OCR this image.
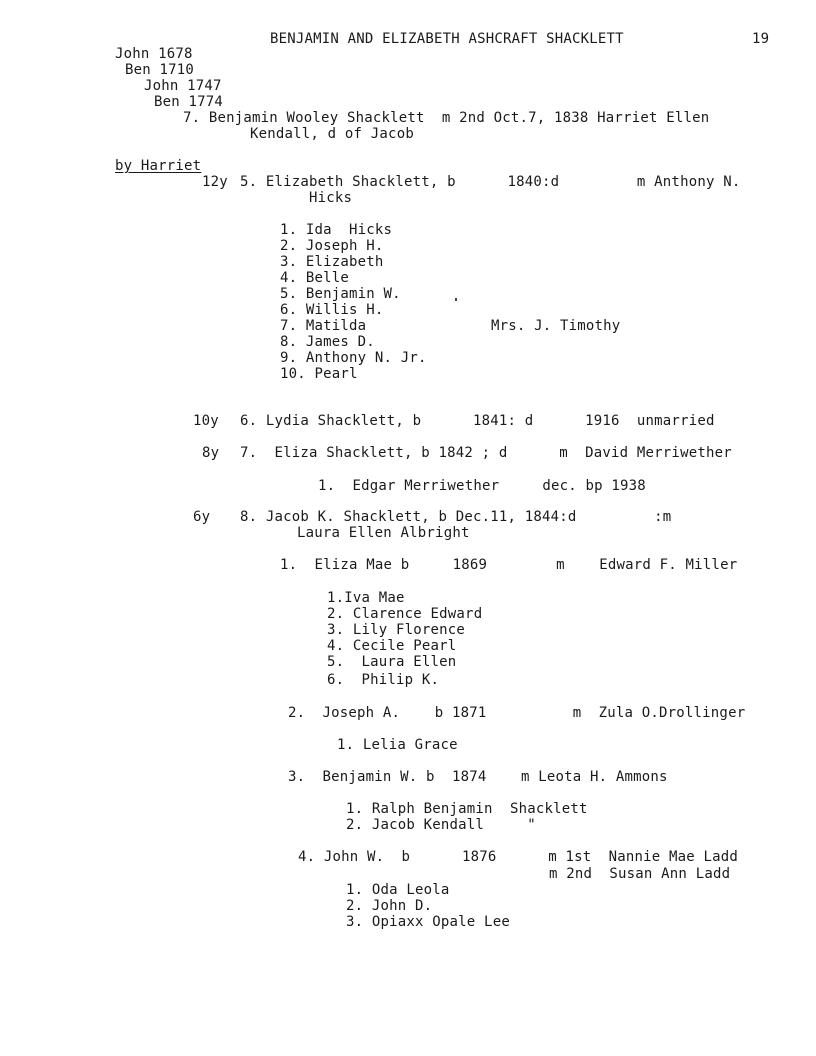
BENJAMIN AND ELIZABETH ASHCRAFT SHACKLETT	19
John 1678
Ben 1710
John 1747
Ben 1774
7. Benjamin Wooley Shacklett  m 2nd Oct.7, 1838 Harriet Ellen
Kendall, d of Jacob
by Harriet
12y 5. Elizabeth Shacklett, b      1840:d         m Anthony N.
Hicks
1. Ida  Hicks
2. Joseph H.
3. Elizabeth
4. Belle
5. Benjamin W.
6. Willis H.
7. Matilda	Mrs. J. Timothy
8. James D.
9. Anthony N. Jr.
10. Pearl
10y 6. Lydia Shacklett, b      1841: d      1916  unmarried
8y 7.  Eliza Shacklett, b 1842 ; d      m  David Merriwether
1.  Edgar Merriwether     dec. bp 1938
6y 8. Jacob K. Shacklett, b Dec.11, 1844:d         :m
Laura Ellen Albright
1.  Eliza Mae b     1869        m    Edward F. Miller
1.Iva Mae
2. Clarence Edward
3. Lily Florence
4. Cecile Pearl
5.  Laura Ellen
6.  Philip K.
2.  Joseph A.    b 1871          m  Zula O.Drollinger
1. Lelia Grace
3.  Benjamin W. b  1874    m Leota H. Ammons
1. Ralph Benjamin  Shacklett
2. Jacob Kendall     "
4. John W.  b      1876      m 1st  Nannie Mae Ladd
m 2nd  Susan Ann Ladd
1. Oda Leola
2. John D.
3. Opiaxx Opale Lee
